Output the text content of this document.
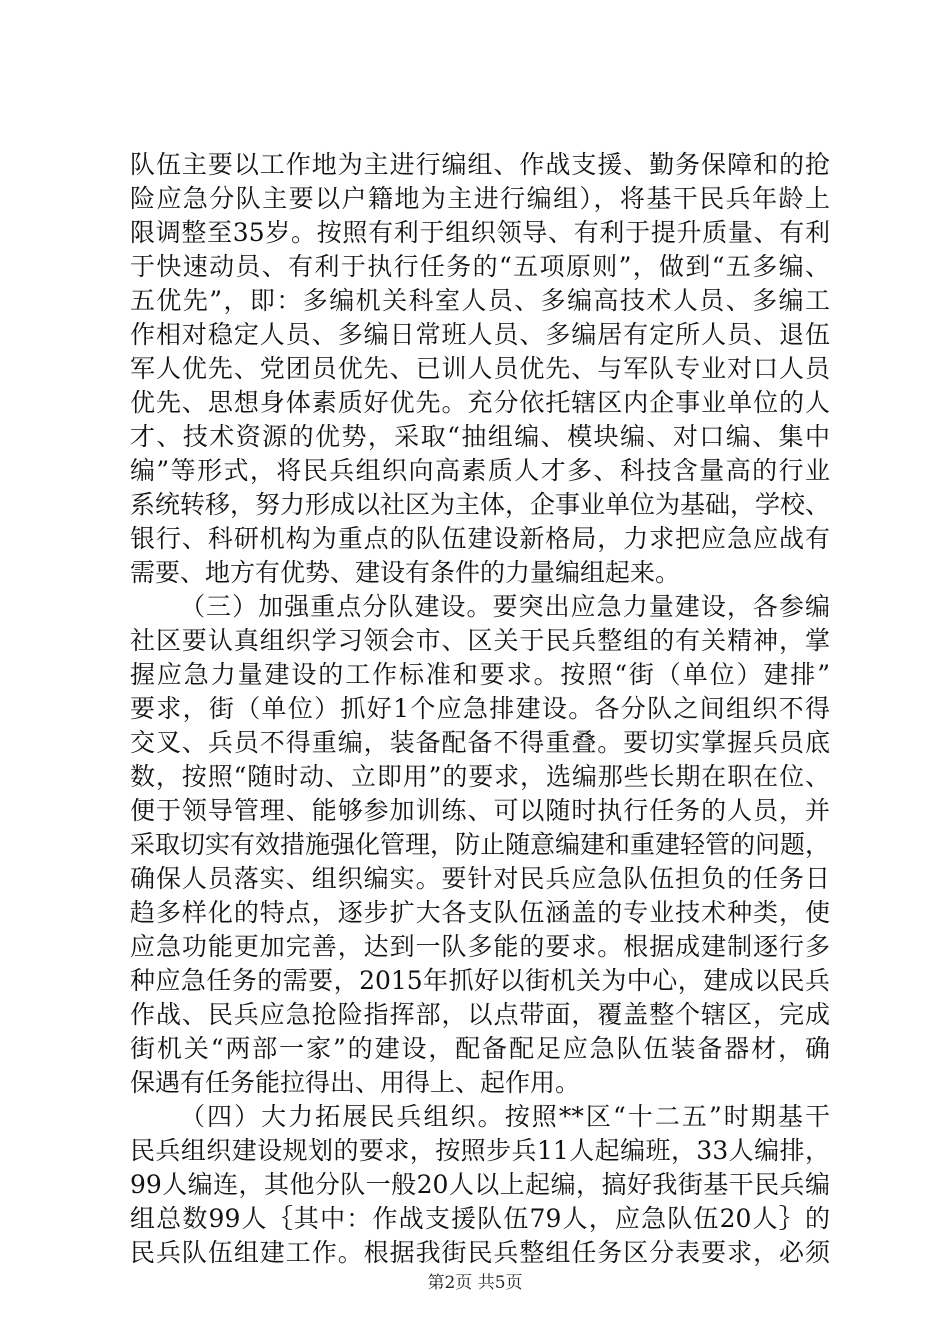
队伍主要以工作地为主进行编组、作战支援、勤务保障和的抢
险应急分队主要以户籍地为主进行编组），将基干民兵年龄上
限调整至35岁。按照有利于组织领导、有利于提升质量、有利
于快速动员、有利于执行任务的“五项原则”，做到“五多编、
五优先”，即：多编机关科室人员、多编高技术人员、多编工
作相对稳定人员、多编日常班人员、多编居有定所人员、退伍
军人优先、党团员优先、已训人员优先、与军队专业对口人员
优先、思想身体素质好优先。充分依托辖区内企事业单位的人
才、技术资源的优势，采取“抽组编、模块编、对口编、集中
编”等形式，将民兵组织向高素质人才多、科技含量高的行业
系统转移，努力形成以社区为主体，企事业单位为基础，学校、
银行、科研机构为重点的队伍建设新格局，力求把应急应战有
需要、地方有优势、建设有条件的力量编组起来。
（三）加强重点分队建设。要突出应急力量建设，各参编
社区要认真组织学习领会市、区关于民兵整组的有关精神，掌
握应急力量建设的工作标准和要求。按照“街（单位）建排”
要求，街（单位）抓好1个应急排建设。各分队之间组织不得
交叉、兵员不得重编，装备配备不得重叠。要切实掌握兵员底
数，按照“随时动、立即用”的要求，选编那些长期在职在位、
便于领导管理、能够参加训练、可以随时执行任务的人员，并
采取切实有效措施强化管理，防止随意编建和重建轻管的问题，
确保人员落实、组织编实。要针对民兵应急队伍担负的任务日
趋多样化的特点，逐步扩大各支队伍涵盖的专业技术种类，使
应急功能更加完善，达到一队多能的要求。根据成建制逐行多
种应急任务的需要，2015年抓好以街机关为中心，建成以民兵
作战、民兵应急抢险指挥部，以点带面，覆盖整个辖区，完成
街机关“两部一家”的建设，配备配足应急队伍装备器材，确
保遇有任务能拉得出、用得上、起作用。
（四）大力拓展民兵组织。按照**区“十二五”时期基干
民兵组织建设规划的要求，按照步兵11人起编班，33人编排，
99人编连，其他分队一般20人以上起编，搞好我街基干民兵编
组总数99人｛其中：作战支援队伍79人，应急队伍20人｝的
民兵队伍组建工作。根据我街民兵整组任务区分表要求，必须
第2页 共5页
